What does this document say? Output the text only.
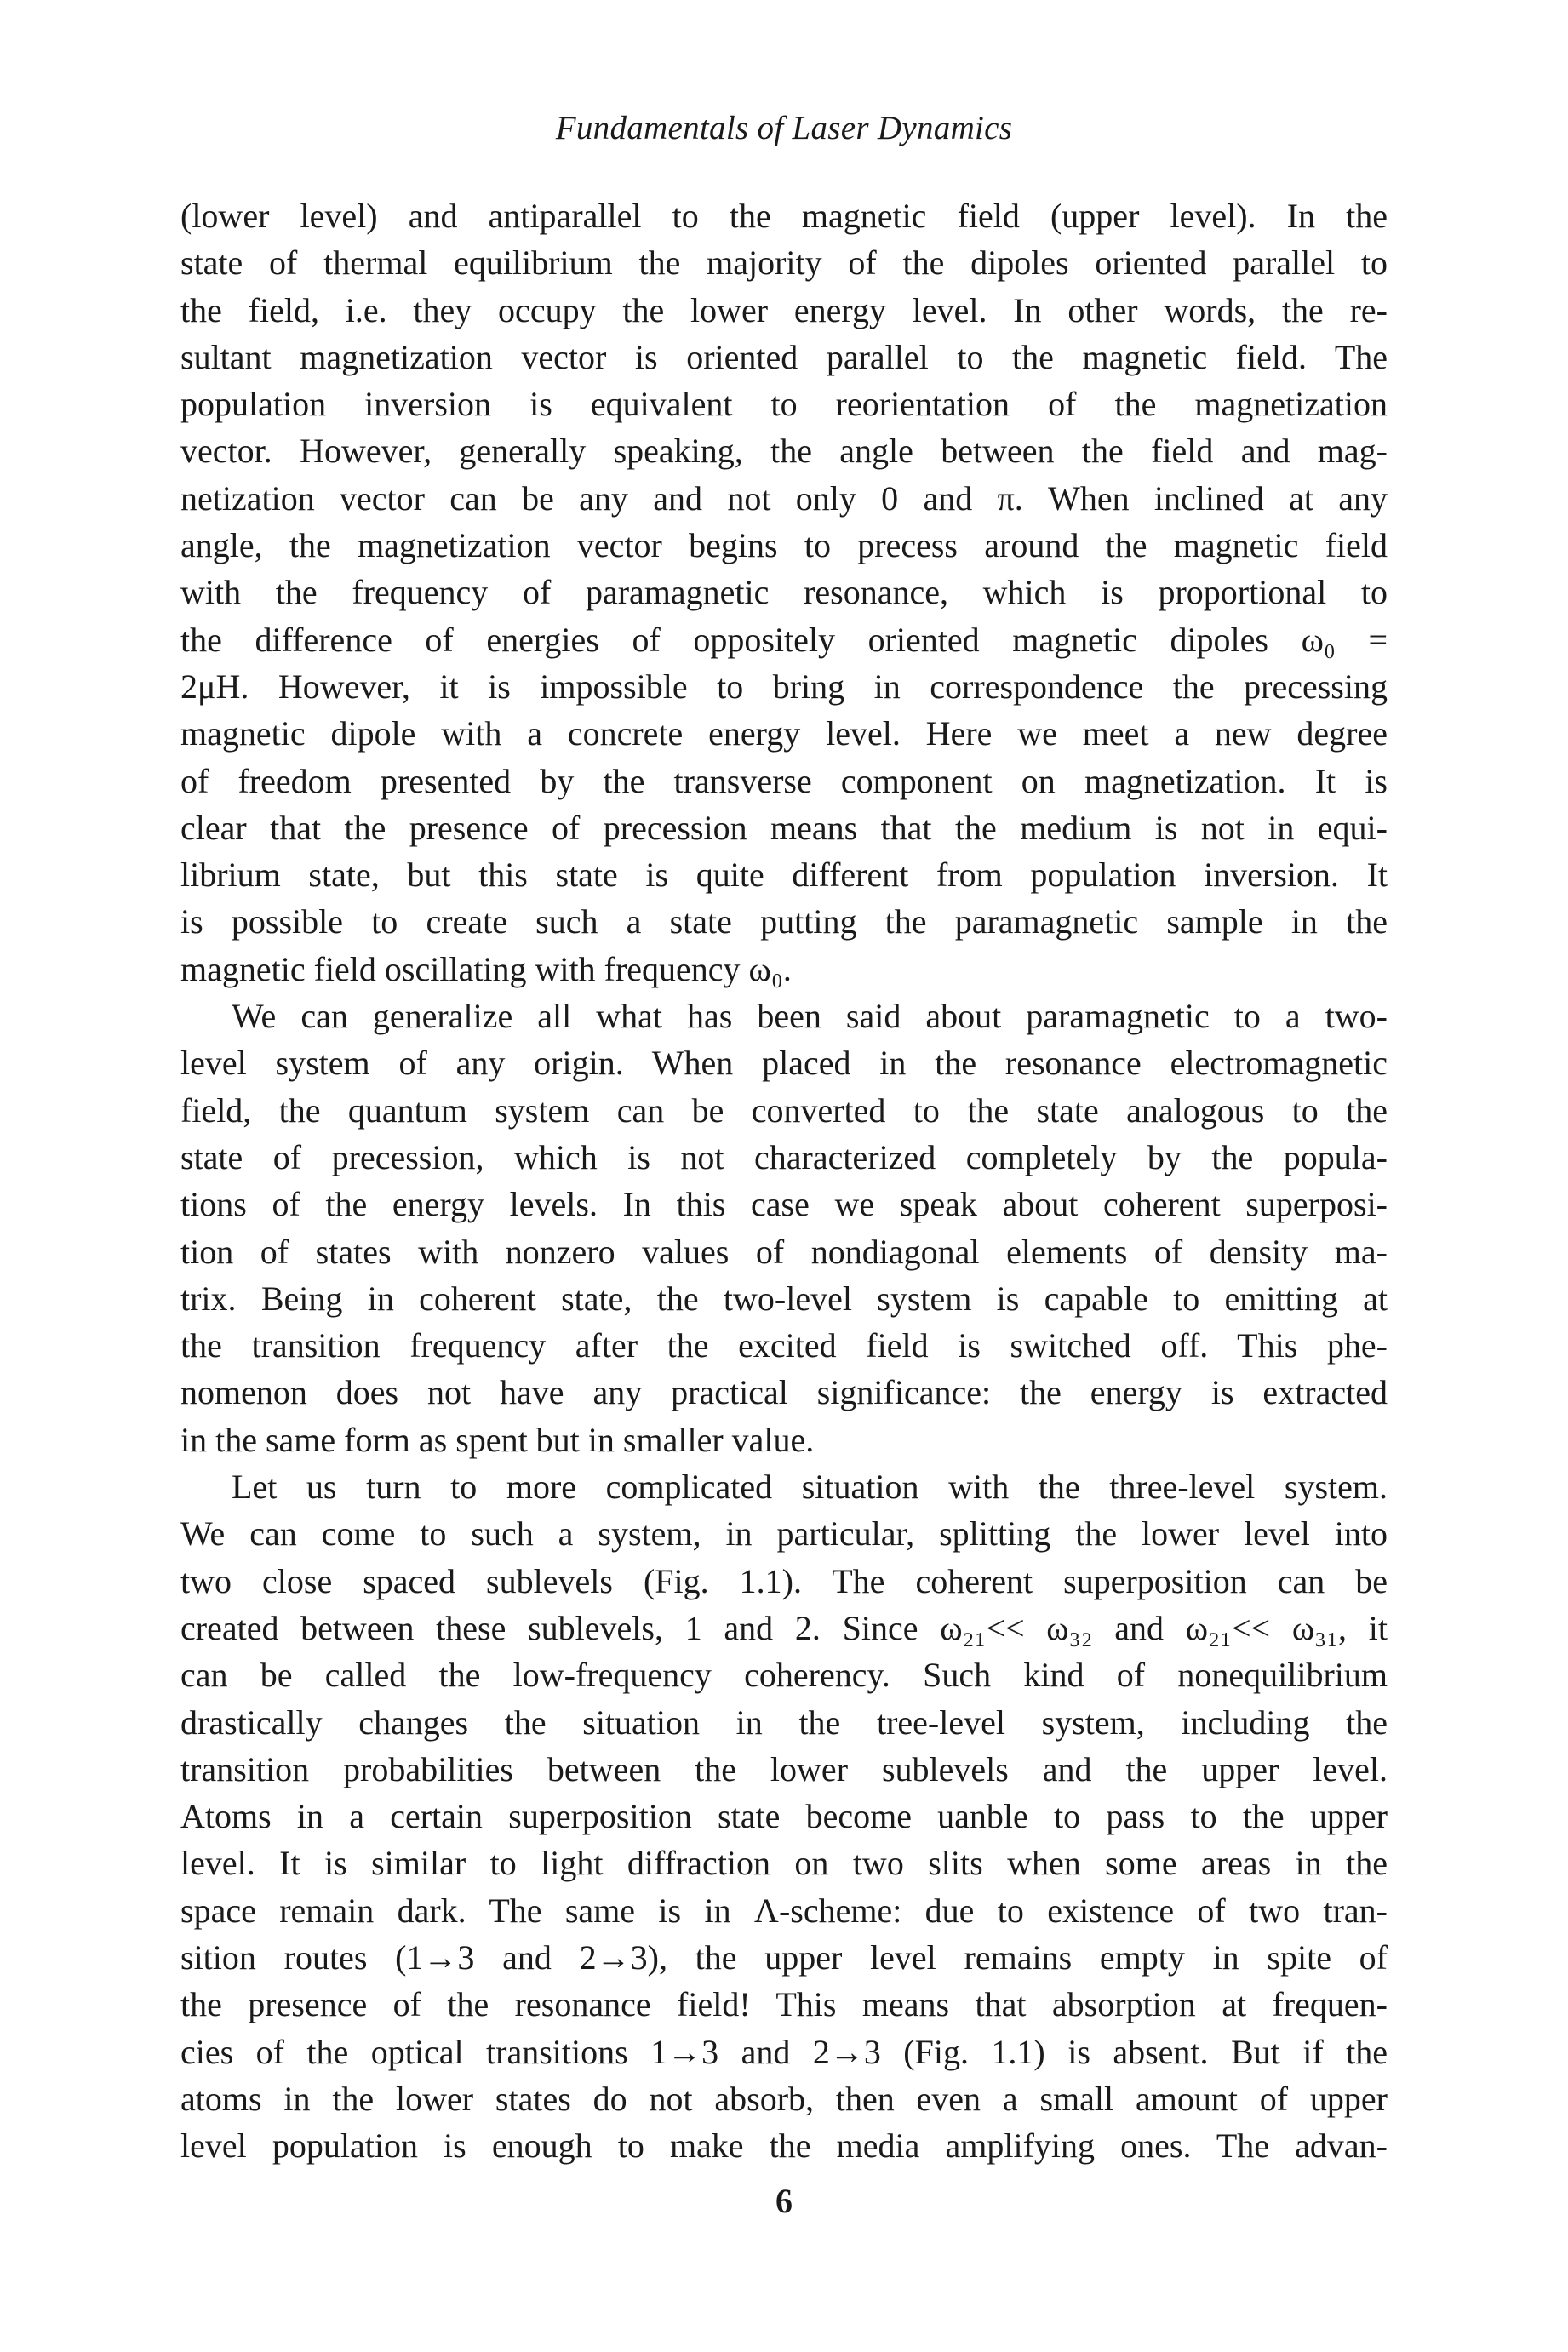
Fundamentals of Laser Dynamics
(lower level) and antiparallel to the magnetic field (upper level). In the
state of thermal equilibrium the majority of the dipoles oriented parallel to
the field, i.e. they occupy the lower energy level. In other words, the re-
sultant magnetization vector is oriented parallel to the magnetic field. The
population inversion is equivalent to reorientation of the magnetization
vector. However, generally speaking, the angle between the field and mag-
netization vector can be any and not only 0 and π. When inclined at any
angle, the magnetization vector begins to precess around the magnetic field
with the frequency of paramagnetic resonance, which is proportional to
the difference of energies of oppositely oriented magnetic dipoles ω₀ =
2μH. However, it is impossible to bring in correspondence the precessing
magnetic dipole with a concrete energy level. Here we meet a new degree
of freedom presented by the transverse component on magnetization. It is
clear that the presence of precession means that the medium is not in equi-
librium state, but this state is quite different from population inversion. It
is possible to create such a state putting the paramagnetic sample in the
magnetic field oscillating with frequency ω₀.
We can generalize all what has been said about paramagnetic to a two-
level system of any origin. When placed in the resonance electromagnetic
field, the quantum system can be converted to the state analogous to the
state of precession, which is not characterized completely by the popula-
tions of the energy levels. In this case we speak about coherent superposi-
tion of states with nonzero values of nondiagonal elements of density ma-
trix. Being in coherent state, the two-level system is capable to emitting at
the transition frequency after the excited field is switched off. This phe-
nomenon does not have any practical significance: the energy is extracted
in the same form as spent but in smaller value.
Let us turn to more complicated situation with the three-level system.
We can come to such a system, in particular, splitting the lower level into
two close spaced sublevels (Fig. 1.1). The coherent superposition can be
created between these sublevels, 1 and 2. Since ω₂₁<< ω₃₂ and ω₂₁<< ω₃₁, it
can be called the low-frequency coherency. Such kind of nonequilibrium
drastically changes the situation in the tree-level system, including the
transition probabilities between the lower sublevels and the upper level.
Atoms in a certain superposition state become uanble to pass to the upper
level. It is similar to light diffraction on two slits when some areas in the
space remain dark. The same is in Λ-scheme: due to existence of two tran-
sition routes (1→3 and 2→3), the upper level remains empty in spite of
the presence of the resonance field! This means that absorption at frequen-
cies of the optical transitions 1→3 and 2→3 (Fig. 1.1) is absent. But if the
atoms in the lower states do not absorb, then even a small amount of upper
level population is enough to make the media amplifying ones. The advan-
6
